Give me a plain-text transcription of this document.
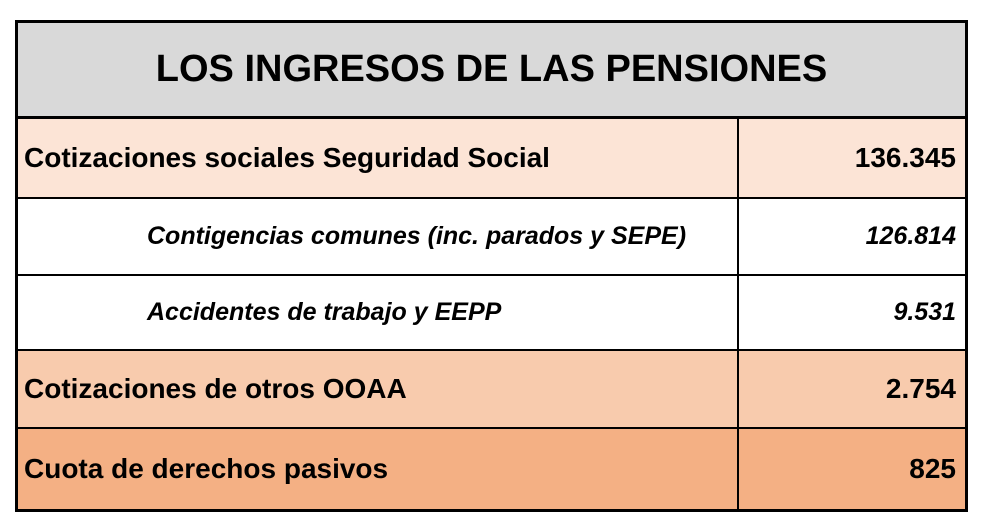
LOS INGRESOS DE LAS PENSIONES
Cotizaciones sociales Seguridad Social	136.345
Contigencias comunes (inc. parados y SEPE)	126.814
Accidentes de trabajo y EEPP	9.531
Cotizaciones de otros OOAA	2.754
Cuota de derechos pasivos	825
